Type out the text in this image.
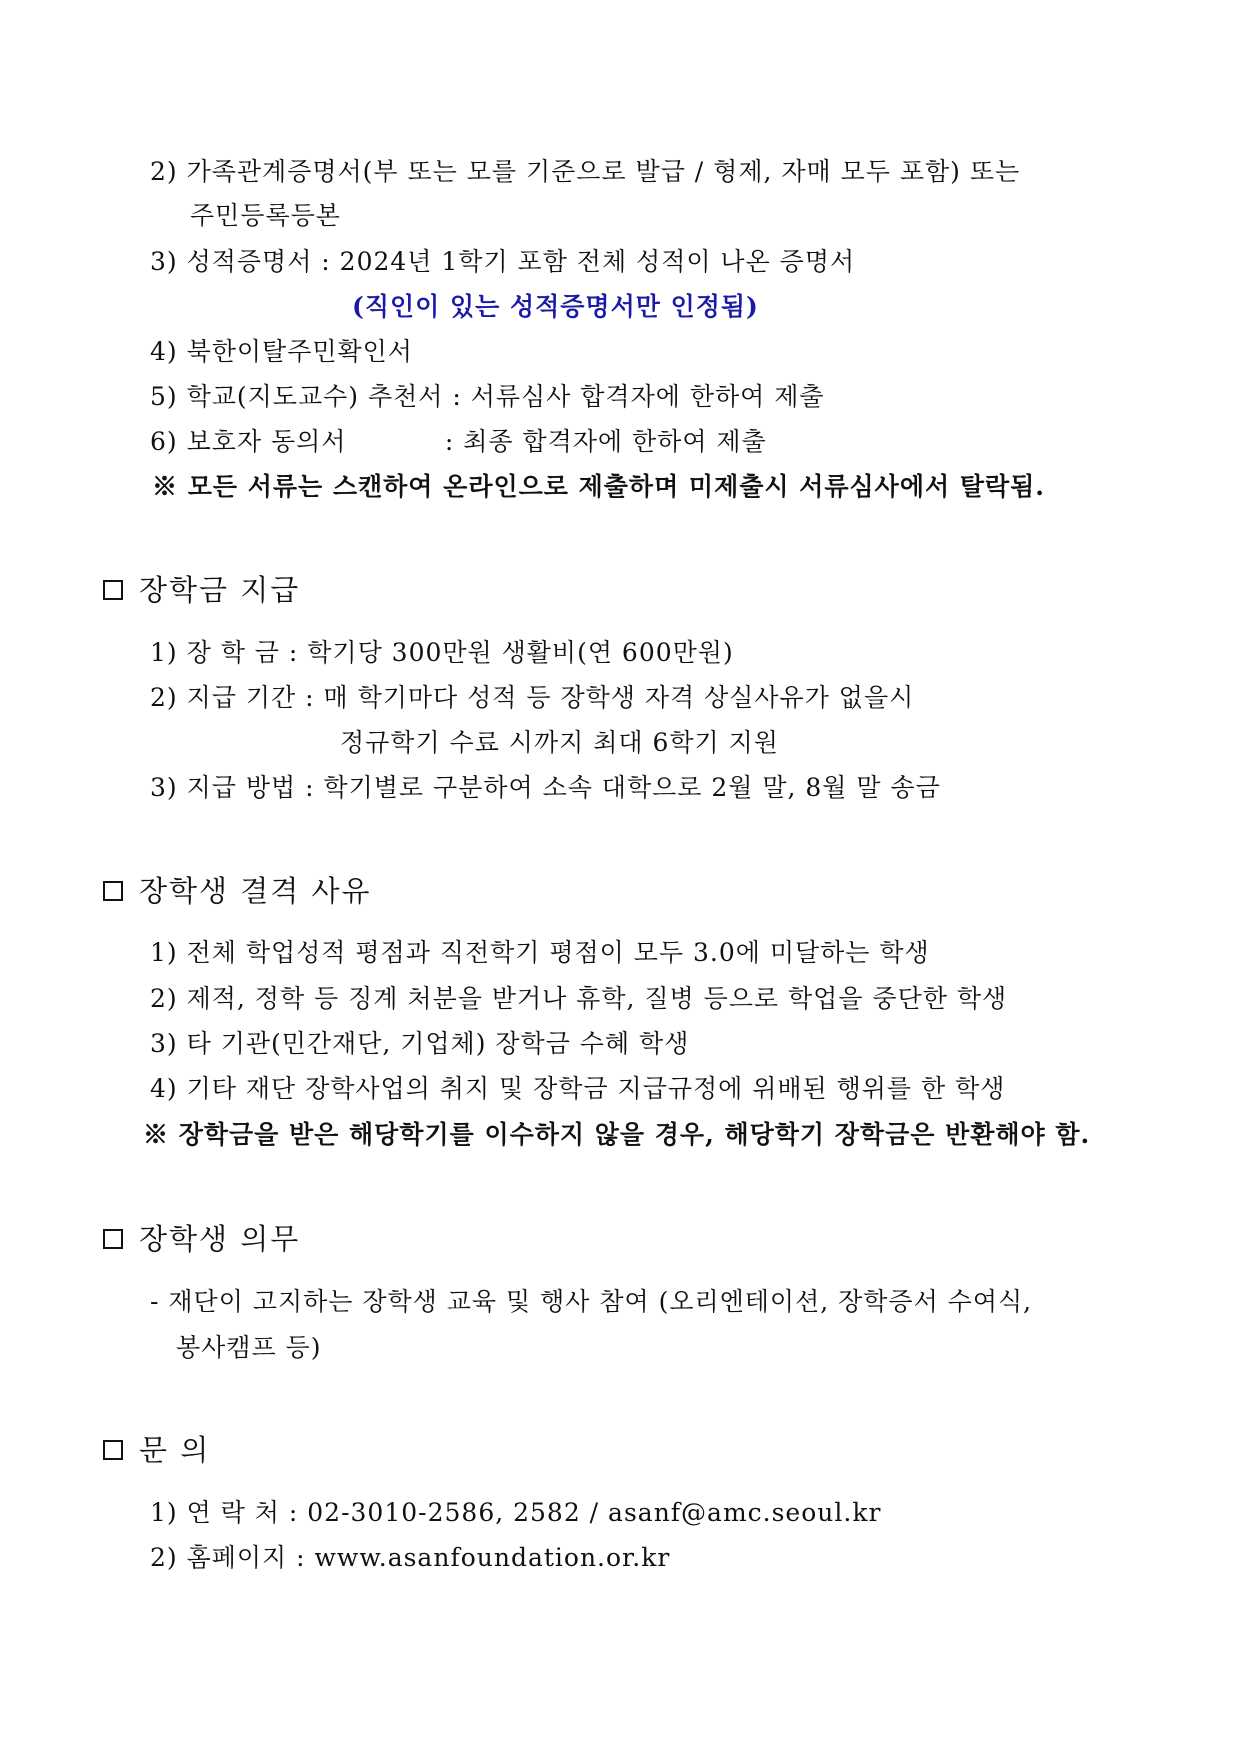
2) 가족관계증명서(부 또는 모를 기준으로 발급 / 형제, 자매 모두 포함) 또는
주민등록등본
3) 성적증명서 : 2024년 1학기 포함 전체 성적이 나온 증명서
(직인이 있는 성적증명서만 인정됨)
4) 북한이탈주민확인서
5) 학교(지도교수) 추천서 : 서류심사 합격자에 한하여 제출
6) 보호자 동의서           : 최종 합격자에 한하여 제출
※ 모든 서류는 스캔하여 온라인으로 제출하며 미제출시 서류심사에서 탈락됨.
장학금 지급
1) 장 학 금 : 학기당 300만원 생활비(연 600만원)
2) 지급 기간 : 매 학기마다 성적 등 장학생 자격 상실사유가 없을시
정규학기 수료 시까지 최대 6학기 지원
3) 지급 방법 : 학기별로 구분하여 소속 대학으로 2월 말, 8월 말 송금
장학생 결격 사유
1) 전체 학업성적 평점과 직전학기 평점이 모두 3.0에 미달하는 학생
2) 제적, 정학 등 징계 처분을 받거나 휴학, 질병 등으로 학업을 중단한 학생
3) 타 기관(민간재단, 기업체) 장학금 수혜 학생
4) 기타 재단 장학사업의 취지 및 장학금 지급규정에 위배된 행위를 한 학생
※ 장학금을 받은 해당학기를 이수하지 않을 경우, 해당학기 장학금은 반환해야 함.
장학생 의무
- 재단이 고지하는 장학생 교육 및 행사 참여 (오리엔테이션, 장학증서 수여식,
봉사캠프 등)
문 의
1) 연 락 처 : 02-3010-2586, 2582 / asanf@amc.seoul.kr
2) 홈페이지 : www.asanfoundation.or.kr
